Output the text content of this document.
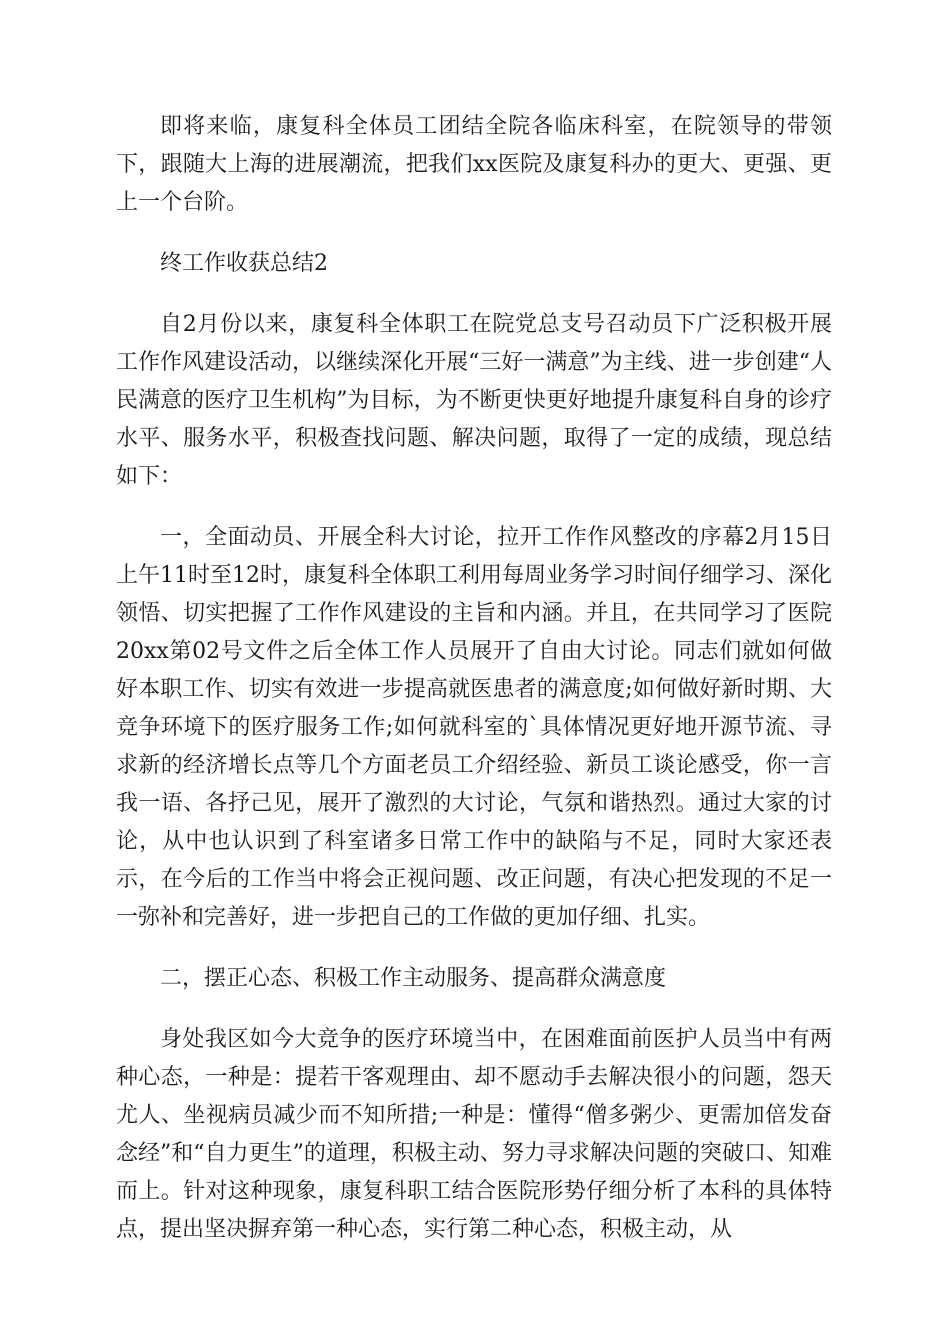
即将来临，康复科全体员工团结全院各临床科室，在院领导的带领下，跟随大上海的进展潮流，把我们xx医院及康复科办的更大、更强、更上一个台阶。

终工作收获总结2

自2月份以来，康复科全体职工在院党总支号召动员下广泛积极开展工作作风建设活动，以继续深化开展“三好一满意”为主线、进一步创建“人民满意的医疗卫生机构”为目标，为不断更快更好地提升康复科自身的诊疗水平、服务水平，积极查找问题、解决问题，取得了一定的成绩，现总结如下：

一，全面动员、开展全科大讨论，拉开工作作风整改的序幕2月15日上午11时至12时，康复科全体职工利用每周业务学习时间仔细学习、深化领悟、切实把握了工作作风建设的主旨和内涵。并且，在共同学习了医院20xx第02号文件之后全体工作人员展开了自由大讨论。同志们就如何做好本职工作、切实有效进一步提高就医患者的满意度;如何做好新时期、大竞争环境下的医疗服务工作;如何就科室的`具体情况更好地开源节流、寻求新的经济增长点等几个方面老员工介绍经验、新员工谈论感受，你一言我一语、各抒己见，展开了激烈的大讨论，气氛和谐热烈。通过大家的讨论，从中也认识到了科室诸多日常工作中的缺陷与不足，同时大家还表示，在今后的工作当中将会正视问题、改正问题，有决心把发现的不足一一弥补和完善好，进一步把自己的工作做的更加仔细、扎实。

二，摆正心态、积极工作主动服务、提高群众满意度

身处我区如今大竞争的医疗环境当中，在困难面前医护人员当中有两种心态，一种是：提若干客观理由、却不愿动手去解决很小的问题，怨天尤人、坐视病员减少而不知所措;一种是：懂得“僧多粥少、更需加倍发奋念经”和“自力更生”的道理，积极主动、努力寻求解决问题的突破口、知难而上。针对这种现象，康复科职工结合医院形势仔细分析了本科的具体特点，提出坚决摒弃第一种心态，实行第二种心态，积极主动，从
